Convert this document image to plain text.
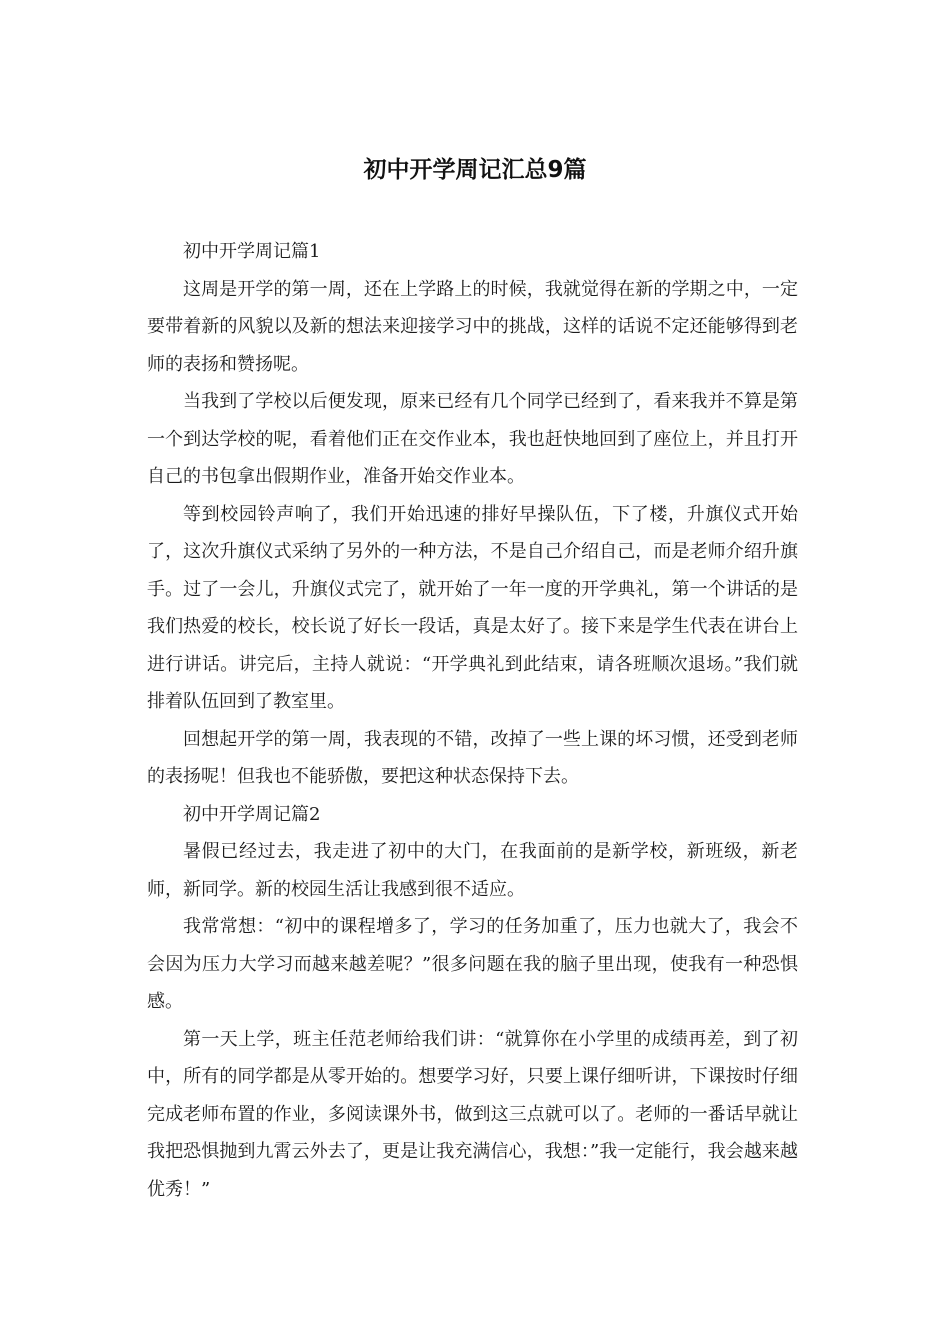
初中开学周记汇总9篇

初中开学周记篇1

这周是开学的第一周，还在上学路上的时候，我就觉得在新的学期之中，一定要带着新的风貌以及新的想法来迎接学习中的挑战，这样的话说不定还能够得到老师的表扬和赞扬呢。

当我到了学校以后便发现，原来已经有几个同学已经到了，看来我并不算是第一个到达学校的呢，看着他们正在交作业本，我也赶快地回到了座位上，并且打开自己的书包拿出假期作业，准备开始交作业本。

等到校园铃声响了，我们开始迅速的排好早操队伍，下了楼，升旗仪式开始了，这次升旗仪式采纳了另外的一种方法，不是自己介绍自己，而是老师介绍升旗手。过了一会儿，升旗仪式完了，就开始了一年一度的开学典礼，第一个讲话的是我们热爱的校长，校长说了好长一段话，真是太好了。接下来是学生代表在讲台上进行讲话。讲完后，主持人就说：“开学典礼到此结束，请各班顺次退场。”我们就排着队伍回到了教室里。

回想起开学的第一周，我表现的不错，改掉了一些上课的坏习惯，还受到老师的表扬呢！但我也不能骄傲，要把这种状态保持下去。

初中开学周记篇2

暑假已经过去，我走进了初中的大门，在我面前的是新学校，新班级，新老师，新同学。新的校园生活让我感到很不适应。

我常常想：“初中的课程增多了，学习的任务加重了，压力也就大了，我会不会因为压力大学习而越来越差呢？”很多问题在我的脑子里出现，使我有一种恐惧感。

第一天上学，班主任范老师给我们讲：“就算你在小学里的成绩再差，到了初中，所有的同学都是从零开始的。想要学习好，只要上课仔细听讲，下课按时仔细完成老师布置的作业，多阅读课外书，做到这三点就可以了。老师的一番话早就让我把恐惧抛到九霄云外去了，更是让我充满信心，我想：”我一定能行，我会越来越优秀！”
